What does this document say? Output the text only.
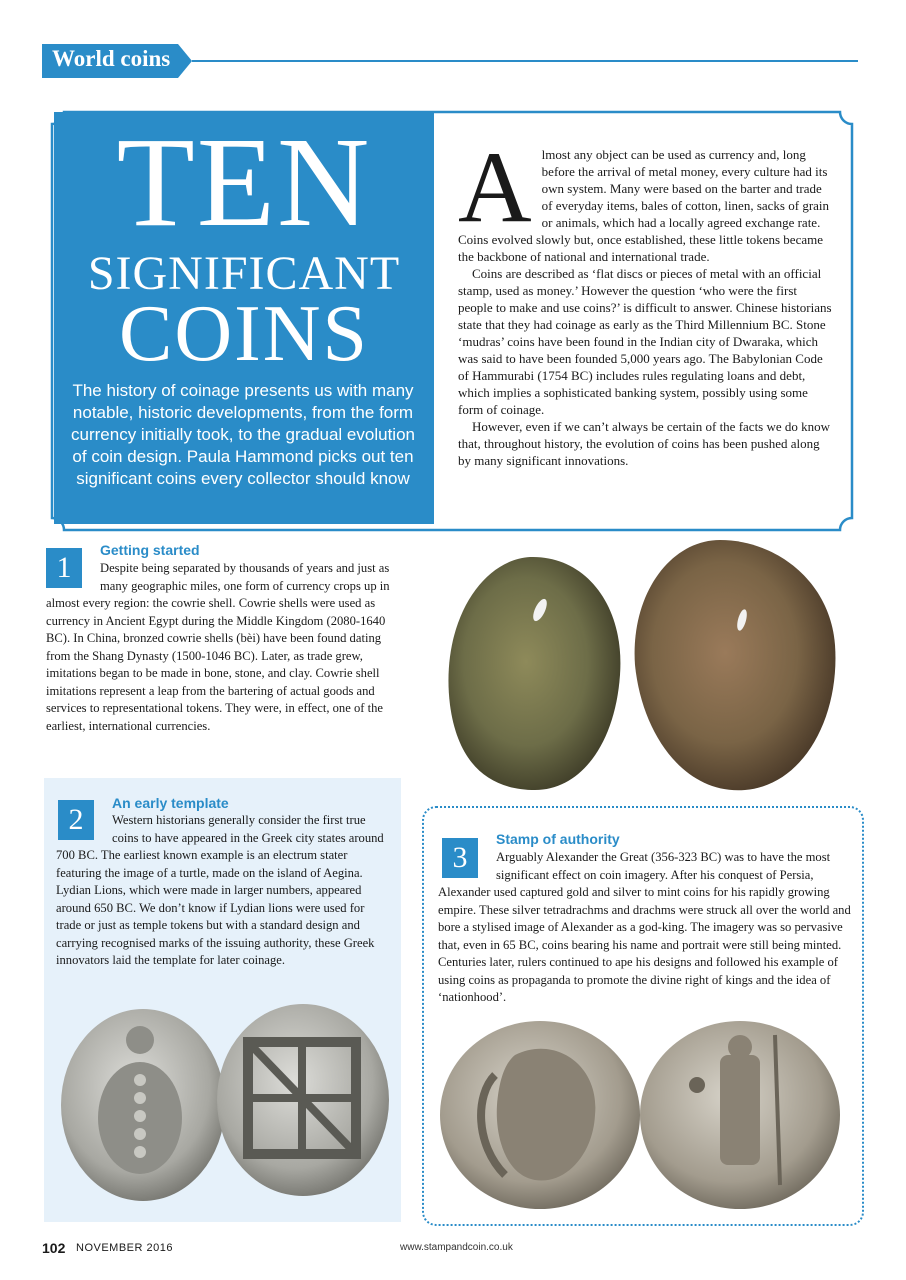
World coins
TEN
SIGNIFICANT
COINS
The history of coinage presents us with many notable, historic developments, from the form currency initially took, to the gradual evolution of coin design. Paula Hammond picks out ten significant coins every collector should know

Almost any object can be used as currency and, long before the arrival of metal money, every culture had its own system. Many were based on the barter and trade of everyday items, bales of cotton, linen, sacks of grain or animals, which had a locally agreed exchange rate. Coins evolved slowly but, once established, these little tokens became the backbone of national and international trade.

Coins are described as ‘flat discs or pieces of metal with an official stamp, used as money.’ However the question ‘who were the first people to make and use coins?’ is difficult to answer. Chinese historians state that they had coinage as early as the Third Millennium BC. Stone ‘mudras’ coins have been found in the Indian city of Dwaraka, which was said to have been founded 5,000 years ago. The Babylonian Code of Hammurabi (1754 BC) includes rules regulating loans and debt, which implies a sophisticated banking system, possibly using some form of coinage.

However, even if we can’t always be certain of the facts we do know that, throughout history, the evolution of coins has been pushed along by many significant innovations.

1
Getting started
Despite being separated by thousands of years and just as many geographic miles, one form of currency crops up in almost every region: the cowrie shell. Cowrie shells were used as currency in Ancient Egypt during the Middle Kingdom (2080-1640 BC). In China, bronzed cowrie shells (bèi) have been found dating from the Shang Dynasty (1500-1046 BC). Later, as trade grew, imitations began to be made in bone, stone, and clay. Cowrie shell imitations represent a leap from the bartering of actual goods and services to representational tokens. They were, in effect, one of the earliest, international currencies.
2	An early template
Western historians generally consider the first true coins to have appeared in the Greek city states around 700 BC. The earliest known example is an electrum stater featuring the image of a turtle, made on the island of Aegina. Lydian Lions, which were made in larger numbers, appeared around 650 BC. We don’t know if Lydian lions were used for trade or just as temple tokens but with a standard design and carrying recognised marks of the issuing authority, these Greek innovators laid the template for later coinage.
3
Stamp of authority
Arguably Alexander the Great (356-323 BC) was to have the most significant effect on coin imagery. After his conquest of Persia, Alexander used captured gold and silver to mint coins for his rapidly growing empire. These silver tetradrachms and drachms were struck all over the world and bore a stylised image of Alexander as a god-king. The imagery was so pervasive that, even in 65 BC, coins bearing his name and portrait were still being minted. Centuries later, rulers continued to ape his designs and followed his example of using coins as propaganda to promote the divine right of kings and the idea of ‘nationhood’.
102 NOVEMBER 2016	www.stampandcoin.co.uk
